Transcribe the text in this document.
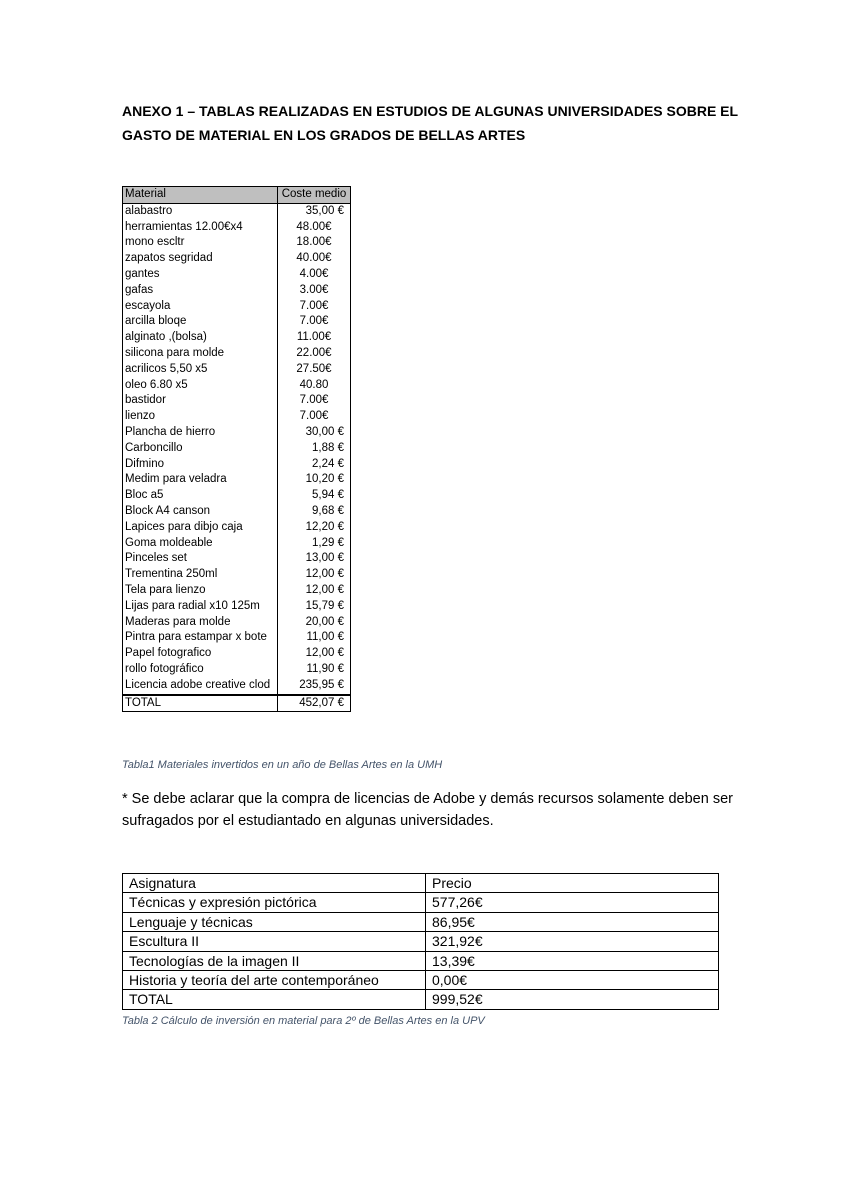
ANEXO 1 – TABLAS REALIZADAS EN ESTUDIOS DE ALGUNAS UNIVERSIDADES SOBRE EL GASTO DE MATERIAL EN LOS GRADOS DE BELLAS ARTES
Material	Coste medio
alabastro	35,00 €
herramientas 12.00€x4	48.00€
mono escltr	18.00€
zapatos segridad	40.00€
gantes	4.00€
gafas	3.00€
escayola	7.00€
arcilla bloqe	7.00€
alginato ,(bolsa)	11.00€
silicona para molde	22.00€
acrilicos 5,50 x5	27.50€
oleo 6.80 x5	40.80
bastidor	7.00€
lienzo	7.00€
Plancha de hierro	30,00 €
Carboncillo	1,88 €
Difmino	2,24 €
Medim para veladra	10,20 €
Bloc a5	5,94 €
Block A4 canson	9,68 €
Lapices para dibjo caja	12,20 €
Goma moldeable	1,29 €
Pinceles set	13,00 €
Trementina 250ml	12,00 €
Tela para lienzo	12,00 €
Lijas para radial x10 125m	15,79 €
Maderas para molde	20,00 €
Pintra para estampar x bote	11,00 €
Papel fotografico	12,00 €
rollo fotográfico	11,90 €
Licencia adobe creative clod	235,95 €
TOTAL	452,07 €
Tabla1 Materiales invertidos en un año de Bellas Artes en la UMH
* Se debe aclarar que la compra de licencias de Adobe y demás recursos solamente deben ser sufragados por el estudiantado en algunas universidades.
Asignatura	Precio
Técnicas y expresión pictórica	577,26€
Lenguaje y técnicas	86,95€
Escultura II	321,92€
Tecnologías de la imagen II	13,39€
Historia y teoría del arte contemporáneo	0,00€
TOTAL	999,52€
Tabla 2 Cálculo de inversión en material para 2º de Bellas Artes en la UPV
